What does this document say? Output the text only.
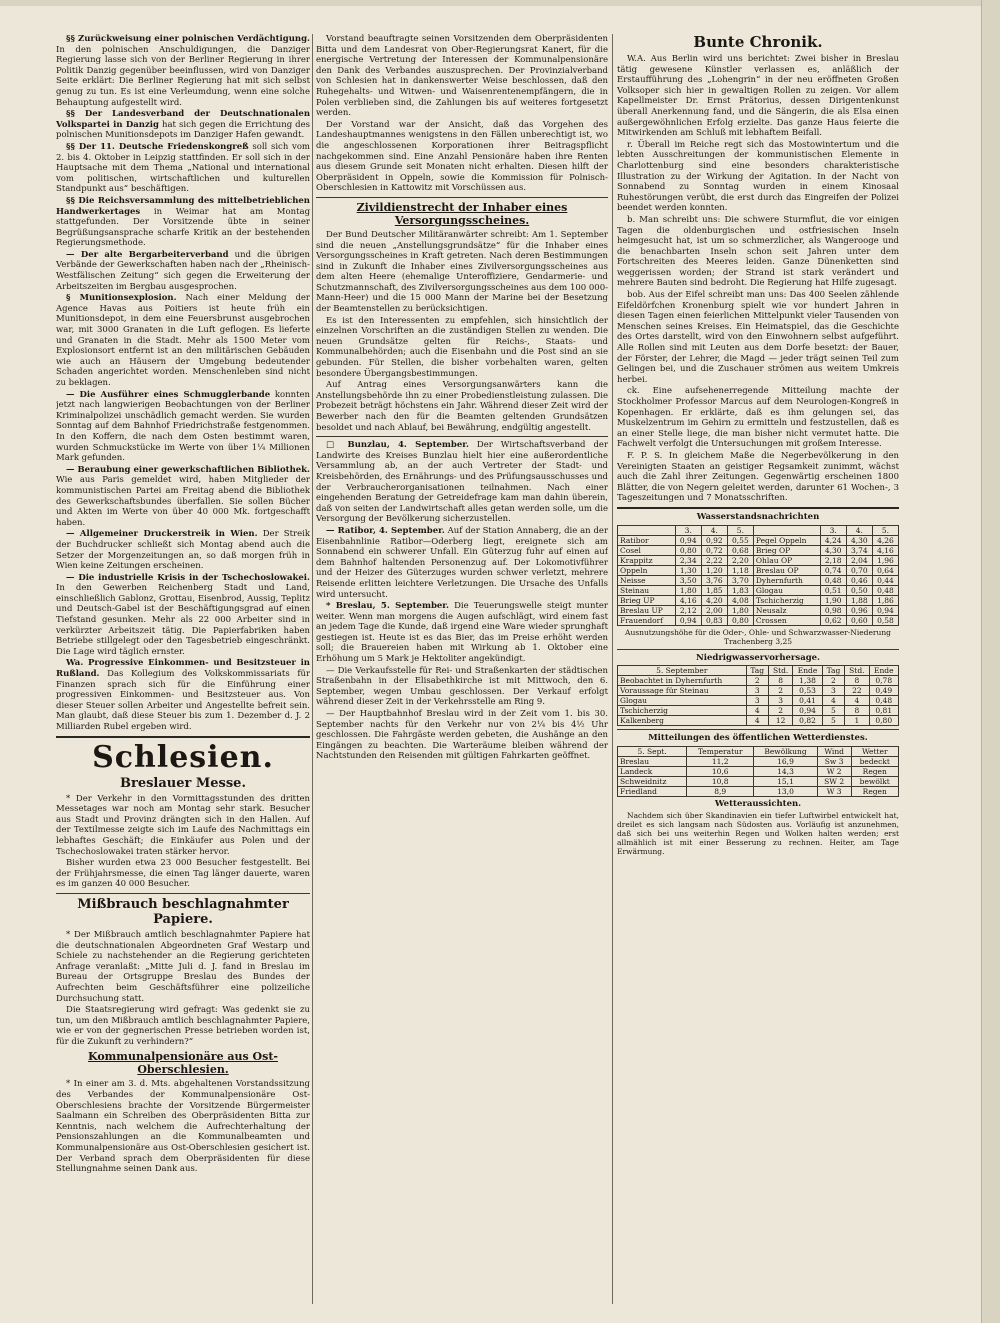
§§ Zurückweisung einer polnischen Verdächtigung. In den polnischen Anschuldigungen, die Danziger Regierung lasse sich von der Berliner Regierung in ihrer Politik Danzig gegenüber beeinflussen, wird von Danziger Seite erklärt: Die Berliner Regierung hat mit sich selbst genug zu tun. Es ist eine Verleumdung, wenn eine solche Behauptung aufgestellt wird.

§§ Der Landesverband der Deutschnationalen Volkspartei in Danzig hat sich gegen die Errichtung des polnischen Munitionsdepots im Danziger Hafen gewandt.

§§ Der 11. Deutsche Friedenskongreß soll sich vom 2. bis 4. Oktober in Leipzig stattfinden. Er soll sich in der Hauptsache mit dem Thema „National und international vom politischen, wirtschaftlichen und kulturellen Standpunkt aus“ beschäftigen.

§§ Die Reichsversammlung des mittelbetrieblichen Handwerkertages in Weimar hat am Montag stattgefunden. Der Vorsitzende übte in seiner Begrüßungsansprache scharfe Kritik an der bestehenden Regierungsmethode.

— Der alte Bergarbeiterverband und die übrigen Verbände der Gewerkschaften haben nach der „Rheinisch-Westfälischen Zeitung“ sich gegen die Erweiterung der Arbeitszeiten im Bergbau ausgesprochen.

§ Munitionsexplosion. Nach einer Meldung der Agence Havas aus Poitiers ist heute früh ein Munitionsdepot, in dem eine Feuersbrunst ausgebrochen war, mit 3000 Granaten in die Luft geflogen. Es lieferte und Granaten in die Stadt. Mehr als 1500 Meter vom Explosionsort entfernt ist an den militärischen Gebäuden wie auch an Häusern der Umgebung bedeutender Schaden angerichtet worden. Menschenleben sind nicht zu beklagen.

— Die Ausführer eines Schmugglerbande konnten jetzt nach langwierigen Beobachtungen von der Berliner Kriminalpolizei unschädlich gemacht werden. Sie wurden Sonntag auf dem Bahnhof Friedrichstraße festgenommen. In den Koffern, die nach dem Osten bestimmt waren, wurden Schmuckstücke im Werte von über 1¼ Millionen Mark gefunden.

— Beraubung einer gewerkschaftlichen Bibliothek. Wie aus Paris gemeldet wird, haben Mitglieder der kommunistischen Partei am Freitag abend die Bibliothek des Gewerkschaftsbundes überfallen. Sie sollen Bücher und Akten im Werte von über 40 000 Mk. fortgeschafft haben.

— Allgemeiner Druckerstreik in Wien. Der Streik der Buchdrucker schließt sich Montag abend auch die Setzer der Morgenzeitungen an, so daß morgen früh in Wien keine Zeitungen erscheinen.

— Die industrielle Krisis in der Tschechoslowakei. In den Gewerben Reichenberg Stadt und Land, einschließlich Gablonz, Grottau, Eisenbrod, Aussig, Teplitz und Deutsch-Gabel ist der Beschäftigungsgrad auf einen Tiefstand gesunken. Mehr als 22 000 Arbeiter sind in verkürzter Arbeitszeit tätig. Die Papierfabriken haben Betriebe stillgelegt oder den Tagesbetrieb eingeschränkt. Die Lage wird täglich ernster.

Wa. Progressive Einkommen- und Besitzsteuer in Rußland. Das Kollegium des Volkskommissariats für Finanzen sprach sich für die Einführung einer progressiven Einkommen- und Besitzsteuer aus. Von dieser Steuer sollen Arbeiter und Angestellte befreit sein. Man glaubt, daß diese Steuer bis zum 1. Dezember d. J. 2 Milliarden Rubel ergeben wird.

Schlesien.
Breslauer Messe.

* Der Verkehr in den Vormittagsstunden des dritten Messetages war noch am Montag sehr stark. Besucher aus Stadt und Provinz drängten sich in den Hallen. Auf der Textilmesse zeigte sich im Laufe des Nachmittags ein lebhaftes Geschäft; die Einkäufer aus Polen und der Tschechoslowakei traten stärker hervor.

Bisher wurden etwa 23 000 Besucher festgestellt. Bei der Frühjahrsmesse, die einen Tag länger dauerte, waren es im ganzen 40 000 Besucher.

Mißbrauch beschlagnahmter Papiere.

* Der Mißbrauch amtlich beschlagnahmter Papiere hat die deutschnationalen Abgeordneten Graf Westarp und Schiele zu nachstehender an die Regierung gerichteten Anfrage veranlaßt: „Mitte Juli d. J. fand in Breslau im Bureau der Ortsgruppe Breslau des Bundes der Aufrechten beim Geschäftsführer eine polizeiliche Durchsuchung statt.

Die Staatsregierung wird gefragt: Was gedenkt sie zu tun, um den Mißbrauch amtlich beschlagnahmter Papiere, wie er von der gegnerischen Presse betrieben worden ist, für die Zukunft zu verhindern?“

Kommunalpensionäre aus Ost-Oberschlesien.

* In einer am 3. d. Mts. abgehaltenen Vorstandssitzung des Verbandes der Kommunalpensionäre Ost-Oberschlesiens brachte der Vorsitzende Bürgermeister Saalmann ein Schreiben des Oberpräsidenten Bitta zur Kenntnis, nach welchem die Aufrechterhaltung der Pensionszahlungen an die Kommunalbeamten und Kommunalpensionäre aus Ost-Oberschlesien gesichert ist. Der Verband sprach dem Oberpräsidenten für diese Stellungnahme seinen Dank aus.

Vorstand beauftragte seinen Vorsitzenden dem Oberpräsidenten Bitta und dem Landesrat von Ober-Regierungsrat Kanert, für die energische Vertretung der Interessen der Kommunalpensionäre den Dank des Verbandes auszusprechen. Der Provinzialverband von Schlesien hat in dankenswerter Weise beschlossen, daß den Ruhegehalts- und Witwen- und Waisenrentenempfängern, die in Polen verblieben sind, die Zahlungen bis auf weiteres fortgesetzt werden.

Der Vorstand war der Ansicht, daß das Vorgehen des Landeshauptmannes wenigstens in den Fällen unberechtigt ist, wo die angeschlossenen Korporationen ihrer Beitragspflicht nachgekommen sind. Eine Anzahl Pensionäre haben ihre Renten aus diesem Grunde seit Monaten nicht erhalten. Diesen hilft der Oberpräsident in Oppeln, sowie die Kommission für Polnisch-Oberschlesien in Kattowitz mit Vorschüssen aus.

Zivildienstrecht der Inhaber eines Versorgungsscheines.

Der Bund Deutscher Militäranwärter schreibt: Am 1. September sind die neuen „Anstellungsgrundsätze“ für die Inhaber eines Versorgungsscheines in Kraft getreten. Nach deren Bestimmungen sind in Zukunft die Inhaber eines Zivilversorgungsscheines aus dem alten Heere (ehemalige Unteroffiziere, Gendarmerie- und Schutzmannschaft, des Zivilversorgungsscheines aus dem 100 000-Mann-Heer) und die 15 000 Mann der Marine bei der Besetzung der Beamtenstellen zu berücksichtigen.

Es ist den Interessenten zu empfehlen, sich hinsichtlich der einzelnen Vorschriften an die zuständigen Stellen zu wenden. Die neuen Grundsätze gelten für Reichs-, Staats- und Kommunalbehörden; auch die Eisenbahn und die Post sind an sie gebunden. Für Stellen, die bisher vorbehalten waren, gelten besondere Übergangsbestimmungen.

Auf Antrag eines Versorgungsanwärters kann die Anstellungsbehörde ihn zu einer Probedienstleistung zulassen. Die Probezeit beträgt höchstens ein Jahr. Während dieser Zeit wird der Bewerber nach den für die Beamten geltenden Grundsätzen besoldet und nach Ablauf, bei Bewährung, endgültig angestellt.

□ Bunzlau, 4. September. Der Wirtschaftsverband der Landwirte des Kreises Bunzlau hielt hier eine außerordentliche Versammlung ab, an der auch Vertreter der Stadt- und Kreisbehörden, des Ernährungs- und des Prüfungsausschusses und der Verbraucherorganisationen teilnahmen. Nach einer eingehenden Beratung der Getreidefrage kam man dahin überein, daß von seiten der Landwirtschaft alles getan werden solle, um die Versorgung der Bevölkerung sicherzustellen.

— Ratibor, 4. September. Auf der Station Annaberg, die an der Eisenbahnlinie Ratibor—Oderberg liegt, ereignete sich am Sonnabend ein schwerer Unfall. Ein Güterzug fuhr auf einen auf dem Bahnhof haltenden Personenzug auf. Der Lokomotivführer und der Heizer des Güterzuges wurden schwer verletzt, mehrere Reisende erlitten leichtere Verletzungen. Die Ursache des Unfalls wird untersucht.

* Breslau, 5. September. Die Teuerungswelle steigt munter weiter. Wenn man morgens die Augen aufschlägt, wird einem fast an jedem Tage die Kunde, daß irgend eine Ware wieder sprunghaft gestiegen ist. Heute ist es das Bier, das im Preise erhöht werden soll; die Brauereien haben mit Wirkung ab 1. Oktober eine Erhöhung um 5 Mark je Hektoliter angekündigt.

— Die Verkaufsstelle für Rei- und Straßenkarten der städtischen Straßenbahn in der Elisabethkirche ist mit Mittwoch, den 6. September, wegen Umbau geschlossen. Der Verkauf erfolgt während dieser Zeit in der Verkehrsstelle am Ring 9.

— Der Hauptbahnhof Breslau wird in der Zeit vom 1. bis 30. September nachts für den Verkehr nur von 2¼ bis 4½ Uhr geschlossen. Die Fahrgäste werden gebeten, die Aushänge an den Eingängen zu beachten. Die Warteräume bleiben während der Nachtstunden den Reisenden mit gültigen Fahrkarten geöffnet.

Bunte Chronik.

W.A. Aus Berlin wird uns berichtet: Zwei bisher in Breslau tätig gewesene Künstler verlassen es, anläßlich der Erstaufführung des „Lohengrin“ in der neu eröffneten Großen Volksoper sich hier in gewaltigen Rollen zu zeigen. Vor allem Kapellmeister Dr. Ernst Prätorius, dessen Dirigentenkunst überall Anerkennung fand, und die Sängerin, die als Elsa einen außergewöhnlichen Erfolg erzielte. Das ganze Haus feierte die Mitwirkenden am Schluß mit lebhaftem Beifall.

r. Überall im Reiche regt sich das Mostowintertum und die lebten Ausschreitungen der kommunistischen Elemente in Charlottenburg sind eine besonders charakteristische Illustration zu der Wirkung der Agitation. In der Nacht von Sonnabend zu Sonntag wurden in einem Kinosaal Ruhestörungen verübt, die erst durch das Eingreifen der Polizei beendet werden konnten.

b. Man schreibt uns: Die schwere Sturmflut, die vor einigen Tagen die oldenburgischen und ostfriesischen Inseln heimgesucht hat, ist um so schmerzlicher, als Wangerooge und die benachbarten Inseln schon seit Jahren unter dem Fortschreiten des Meeres leiden. Ganze Dünenketten sind weggerissen worden; der Strand ist stark verändert und mehrere Bauten sind bedroht. Die Regierung hat Hilfe zugesagt.

bob. Aus der Eifel schreibt man uns: Das 400 Seelen zählende Eifeldörfchen Kronenburg spielt wie vor hundert Jahren in diesen Tagen einen feierlichen Mittelpunkt vieler Tausenden von Menschen seines Kreises. Ein Heimatspiel, das die Geschichte des Ortes darstellt, wird von den Einwohnern selbst aufgeführt. Alle Rollen sind mit Leuten aus dem Dorfe besetzt: der Bauer, der Förster, der Lehrer, die Magd — jeder trägt seinen Teil zum Gelingen bei, und die Zuschauer strömen aus weitem Umkreis herbei.

ck. Eine aufsehenerregende Mitteilung machte der Stockholmer Professor Marcus auf dem Neurologen-Kongreß in Kopenhagen. Er erklärte, daß es ihm gelungen sei, das Muskelzentrum im Gehirn zu ermitteln und festzustellen, daß es an einer Stelle liege, die man bisher nicht vermutet hatte. Die Fachwelt verfolgt die Untersuchungen mit großem Interesse.

F. P. S. In gleichem Maße die Negerbevölkerung in den Vereinigten Staaten an geistiger Regsamkeit zunimmt, wächst auch die Zahl ihrer Zeitungen. Gegenwärtig erscheinen 1800 Blätter, die von Negern geleitet werden, darunter 61 Wochen-, 3 Tageszeitungen und 7 Monatsschriften.

Wasserstandsnachrichten
	3.	4.	5.		3.	4.	5.
Ratibor	0,94	0,92	0,55	Pegel Oppeln	4,24	4,30	4,26
Cosel	0,80	0,72	0,68	Brieg OP	4,30	3,74	4,16
Krappitz	2,34	2,22	2,20	Ohlau OP	2,18	2,04	1,96
Oppeln	1,30	1,20	1,18	Breslau OP	0,74	0,70	0,64
Neisse	3,50	3,76	3,70	Dyhernfurth	0,48	0,46	0,44
Steinau	1,80	1,85	1,83	Glogau	0,51	0,50	0,48
Brieg UP	4,16	4,20	4,08	Tschicherzig	1,90	1,88	1,86
Breslau UP	2,12	2,00	1,80	Neusalz	0,98	0,96	0,94
Frauendorf	0,94	0,83	0,80	Crossen	0,62	0,60	0,58

Ausnutzungshöhe für die Oder-, Ohle- und Schwarzwasser-Niederung Trachenberg 3,25

Niedrigwasservorhersage.
5. September	Tag	Std.	Ende	Tag	Std.	Ende
Beobachtet in Dyhernfurth	2	8	1,38	2	8	0,78
Voraussage für Steinau	3	2	0,53	3	22	0,49
Glogau	3	3	0,41	4	4	0,48
Tschicherzig	4	2	0,94	5	8	0,81
Kalkenberg	4	12	0,82	5	1	0,80
Mitteilungen des öffentlichen Wetterdienstes.
5. Sept.	Temperatur	Bewölkung	Wind	Wetter
Breslau	11,2	16,9	Sw 3	bedeckt
Landeck	10,6	14,3	W 2	Regen
Schweidnitz	10,8	15,1	SW 2	bewölkt
Friedland	8,9	13,0	W 3	Regen
Wetteraussichten.

Nachdem sich über Skandinavien ein tiefer Luftwirbel entwickelt hat, dreilet es sich langsam nach Südosten aus. Vorläufig ist anzunehmen, daß sich bei uns weiterhin Regen und Wolken halten werden; erst allmählich ist mit einer Besserung zu rechnen. Heiter, am Tage Erwärmung.
